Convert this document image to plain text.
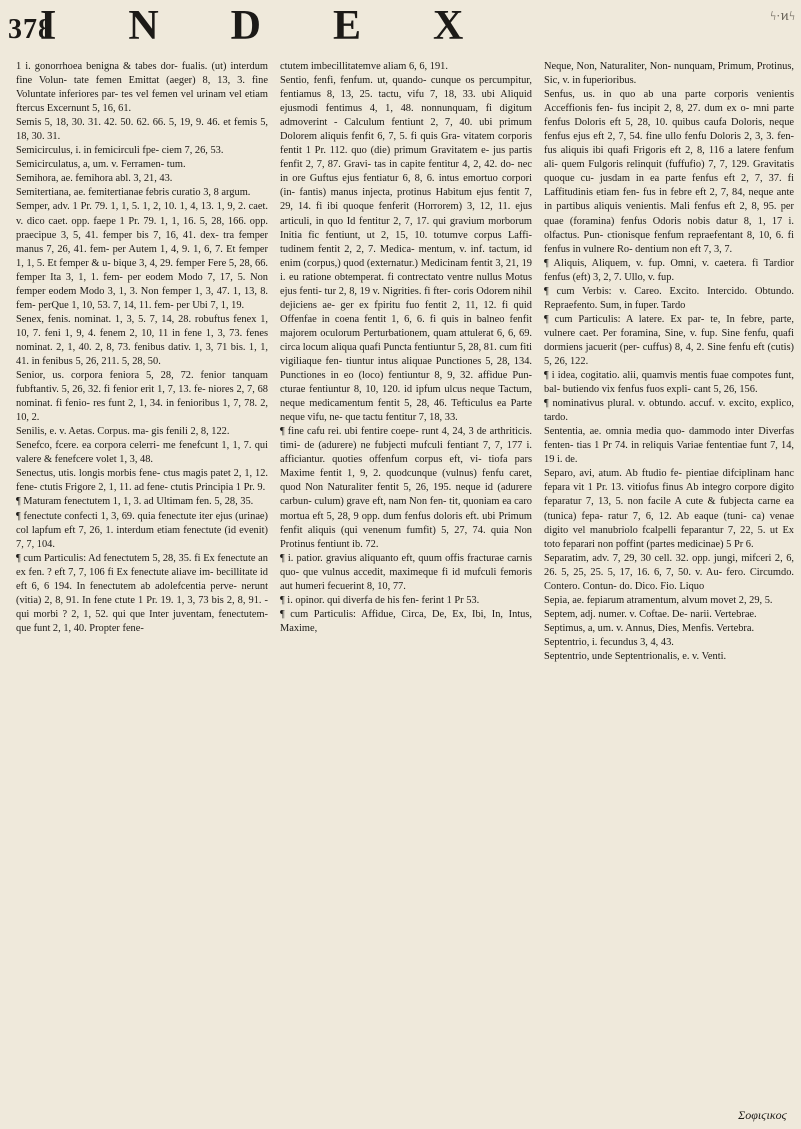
378
INDEX	ϟ·ͷϟ

1 i. gonorrhoea benigna & tabes dor- fualis. (ut) interdum fine Volun- tate femen Emittat (aeger) 8, 13, 3. fine Voluntate inferiores par- tes vel femen vel urinam vel etiam ftercus Excernunt 5, 16, 61.

Semis 5, 18, 30. 31. 42. 50. 62. 66. 5, 19, 9. 46. et femis 5, 18, 30. 31.

Semicirculus, i. in femicirculi fpe- ciem 7, 26, 53.

Semicirculatus, a, um. v. Ferramen- tum.

Semihora, ae. femihora abl. 3, 21, 43.

Semitertiana, ae. femitertianae febris curatio 3, 8 argum.

Semper, adv. 1 Pr. 79. 1, 1, 5. 1, 2, 10. 1, 4, 13. 1, 9, 2. caet. v. dico caet. opp. faepe 1 Pr. 79. 1, 1, 16. 5, 28, 166. opp. praecipue 3, 5, 41. femper bis 7, 16, 41. dex- tra femper manus 7, 26, 41. fem- per Autem 1, 4, 9. 1, 6, 7. Et femper 1, 1, 5. Et femper & u- bique 3, 4, 29. femper Fere 5, 28, 66. femper Ita 3, 1, 1. fem- per eodem Modo 7, 17, 5. Non femper eodem Modo 3, 1, 3. Non femper 1, 3, 47. 1, 13, 8. fem- perQue 1, 10, 53. 7, 14, 11. fem- per Ubi 7, 1, 19.

Senex, fenis. nominat. 1, 3, 5. 7, 14, 28. robuftus fenex 1, 10, 7. feni 1, 9, 4. fenem 2, 10, 11 in fene 1, 3, 73. fenes nominat. 2, 1, 40. 2, 8, 73. fenibus dativ. 1, 3, 71 bis. 1, 1, 41. in fenibus 5, 26, 211. 5, 28, 50.

Senior, us. corpora feniora 5, 28, 72. fenior tanquam fubftantiv. 5, 26, 32. fi fenior erit 1, 7, 13. fe- niores 2, 7, 68 nominat. fi fenio- res funt 2, 1, 34. in fenioribus 1, 7, 78. 2, 10, 2.

Senilis, e. v. Aetas. Corpus. ma- gis fenili 2, 8, 122.

Senefco, fcere. ea corpora celerri- me fenefcunt 1, 1, 7. qui valere & fenefcere volet 1, 3, 48.

Senectus, utis. longis morbis fene- ctus magis patet 2, 1, 12. fene- ctutis Frigore 2, 1, 11. ad fene- ctutis Principia 1 Pr. 9.

¶ Maturam fenectutem 1, 1, 3. ad Ultimam fen. 5, 28, 35.

¶ fenectute confecti 1, 3, 69. quia fenectute iter ejus (urinae) col lapfum eft 7, 26, 1. interdum etiam fenectute (id evenit) 7, 7, 104.

¶ cum Particulis: Ad fenectutem 5, 28, 35. fi Ex fenectute an ex fen. ? eft 7, 7, 106 fi Ex fenectute aliave im- becillitate id eft 6, 6 194. In fenectutem ab adolefcentia perve- nerunt (vitia) 2, 8, 91. In fene ctute 1 Pr. 19. 1, 3, 73 bis 2, 8, 91. - qui morbi ? 2, 1, 52. qui que Inter juventam, fenectutem- que funt 2, 1, 40. Propter fene-

ctutem imbecillitatemve aliam 6, 6, 191.

Sentio, fenfi, fenfum. ut, quando- cunque os percumpitur, fentiamus 8, 13, 25. tactu, vifu 7, 18, 33. ubi Aliquid ejusmodi fentimus 4, 1, 48. nonnunquam, fi digitum admoverint - Calculum fentiunt 2, 7, 40. ubi primum Dolorem aliquis fenfit 6, 7, 5. fi quis Gra- vitatem corporis fentit 1 Pr. 112. quo (die) primum Gravitatem e- jus partis fenfit 2, 7, 87. Gravi- tas in capite fentitur 4, 2, 42. do- nec in ore Guftus ejus fentiatur 6, 8, 6. intus emortuo corpori (in- fantis) manus injecta, protinus Habitum ejus fentit 7, 29, 14. fi ibi quoque fenferit (Horrorem) 3, 12, 11. ejus articuli, in quo Id fentitur 2, 7, 17. qui gravium morborum Initia fic fentiunt, ut 2, 15, 10. totumve corpus Laffi- tudinem fentit 2, 2, 7. Medica- mentum, v. inf. tactum, id enim (corpus,) quod (externatur.) Medicinam fentit 3, 21, 19 i. eu ratione obtemperat. fi contrectato ventre nullus Motus ejus fenti- tur 2, 8, 19 v. Nigrities. fi fter- coris Odorem nihil dejiciens ae- ger ex fpiritu fuo fentit 2, 11, 12. fi quid Offenfae in coena fentit 1, 6, 6. fi quis in balneo fenfit majorem oculorum Perturbationem, quam attulerat 6, 6, 69. circa locum aliqua quafi Puncta fentiuntur 5, 28, 81. cum fiti vigiliaque fen- tiuntur intus aliquae Punctiones 5, 28, 134. Punctiones in eo (loco) fentiuntur 8, 9, 32. affidue Pun- cturae fentiuntur 8, 10, 120. id ipfum ulcus neque Tactum, neque medicamentum fentit 5, 28, 46. Tefticulus ea Parte neque vifu, ne- que tactu fentitur 7, 18, 33.

¶ fine cafu rei. ubi fentire coepe- runt 4, 24, 3 de arthriticis. timi- de (adurere) ne fubjecti mufculi fentiant 7, 7, 177 i. afficiantur. quoties offenfum corpus eft, vi- tiofa pars Maxime fentit 1, 9, 2. quodcunque (vulnus) fenfu caret, quod Non Naturaliter fentit 5, 26, 195. neque id (adurere carbun- culum) grave eft, nam Non fen- tit, quoniam ea caro mortua eft 5, 28, 9 opp. dum fenfus doloris eft. ubi Primum fenfit aliquis (qui venenum fumfit) 5, 27, 74. quia Non Protinus fentiunt ib. 72.

¶ i. patior. gravius aliquanto eft, quum offis fracturae carnis quo- que vulnus accedit, maximeque fi id mufculi femoris aut humeri fecuerint 8, 10, 77.

¶ i. opinor. qui diverfa de his fen- ferint 1 Pr 53.

¶ cum Particulis: Affidue, Circa, De, Ex, Ibi, In, Intus, Maxime,

Neque, Non, Naturaliter, Non- nunquam, Primum, Protinus, Sic, v. in fuperioribus.

Senfus, us. in quo ab una parte corporis venientis Acceffionis fen- fus incipit 2, 8, 27. dum ex o- mni parte fenfus Doloris eft 5, 28, 10. quibus caufa Doloris, neque fenfus ejus eft 2, 7, 54. fine ullo fenfu Doloris 2, 3, 3. fen- fus aliquis ibi quafi Frigoris eft 2, 8, 116 a latere fenfum ali- quem Fulgoris relinquit (fuffufio) 7, 7, 129. Gravitatis quoque cu- jusdam in ea parte fenfus eft 2, 7, 37. fi Laffitudinis etiam fen- fus in febre eft 2, 7, 84, neque ante in partibus aliquis venientis. Mali fenfus eft 2, 8, 95. per quae (foramina) fenfus Odoris nobis datur 8, 1, 17 i. olfactus. Pun- ctionisque fenfum repraefentant 8, 10, 6. fi fenfus in vulnere Ro- dentium non eft 7, 3, 7.

¶ Aliquis, Aliquem, v. fup. Omni, v. caetera. fi Tardior fenfus (eft) 3, 2, 7. Ullo, v. fup.

¶ cum Verbis: v. Careo. Excito. Intercido. Obtundo. Repraefento. Sum, in fuper. Tardo

¶ cum Particulis: A latere. Ex par- te, In febre, parte, vulnere caet. Per foramina, Sine, v. fup. Sine fenfu, quafi dormiens jacuerit (per- cuffus) 8, 4, 2. Sine fenfu eft (cutis) 5, 26, 122.

¶ i idea, cogitatio. alii, quamvis mentis fuae compotes funt, bal- butiendo vix fenfus fuos expli- cant 5, 26, 156.

¶ nominativus plural. v. obtundo. accuf. v. excito, explico, tardo.

Sententia, ae. omnia media quo- dammodo inter Diverfas fenten- tias 1 Pr 74. in reliquis Variae fententiae funt 7, 14, 19 i. de.

Separo, avi, atum. Ab ftudio fe- pientiae difciplinam hanc fepara vit 1 Pr. 13. vitiofus finus Ab integro corpore digito feparatur 7, 13, 5. non facile A cute & fubjecta carne ea (tunica) fepa- ratur 7, 6, 12. Ab eaque (tuni- ca) venae digito vel manubriolo fcalpelli feparantur 7, 22, 5. ut Ex toto feparari non poffint (partes medicinae) 5 Pr 6.

Separatim, adv. 7, 29, 30 cell. 32. opp. jungi, mifceri 2, 6, 26. 5, 25, 25. 5, 17, 16. 6, 7, 50. v. Au- fero. Circumdo. Contero. Contun- do. Dico. Fio. Liquo

Sepia, ae. fepiarum atramentum, alvum movet 2, 29, 5.

Septem, adj. numer. v. Coftae. De- narii. Vertebrae.

Septimus, a, um. v. Annus, Dies, Menfis. Vertebra.

Septentrio, i. fecundus 3, 4, 43.

Septentrio, unde Septentrionalis, e. v. Venti.

Σοφιϛικοϛ
